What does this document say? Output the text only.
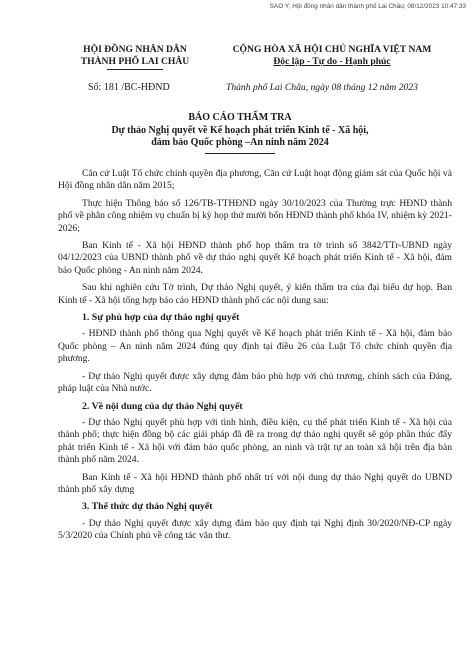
SAO Y; Hội đồng nhân dân thành phố Lai Châu; 08/12/2023 10:47:33
HỘI ĐỒNG NHÂN DÂN
THÀNH PHỐ LAI CHÂU
CỘNG HÒA XÃ HỘI CHỦ NGHĨA VIỆT NAM
Độc lập - Tự do - Hạnh phúc
Số: 181 /BC-HĐND	Thành phố Lai Châu, ngày 08 tháng 12 năm 2023
BÁO CÁO THẨM TRA
Dự thảo Nghị quyết về Kế hoạch phát triển Kinh tế - Xã hội,
đảm bảo Quốc phòng –An ninh năm 2024

Căn cứ Luật Tổ chức chính quyền địa phương, Căn cứ Luật hoạt động giám sát của Quốc hội và Hội đồng nhân dân năm 2015;

Thực hiện Thông báo số 126/TB-TTHĐND ngày 30/10/2023 của Thường trực HĐND thành phố về phân công nhiệm vụ chuẩn bị kỳ họp thứ mười bốn HĐND thành phố khóa IV, nhiệm kỳ 2021-2026;

Ban Kinh tế - Xã hội HĐND thành phố họp thẩm tra tờ trình số 3842/TTr-UBND ngày 04/12/2023 của UBND thành phố về dự thảo nghị quyết Kế hoạch phát triển Kinh tế - Xã hội, đảm bảo Quốc phòng - An ninh năm 2024.

Sau khi nghiên cứu Tờ trình, Dự thảo Nghị quyết, ý kiến thẩm tra của đại biểu dự họp. Ban Kinh tế - Xã hội tổng hợp báo cáo HĐND thành phố các nội dung sau:

1. Sự phù hợp của dự thảo nghị quyết

- HĐND thành phố thông qua Nghị quyết về Kế hoạch phát triển Kinh tế - Xã hội, đảm bảo Quốc phòng – An ninh năm 2024 đúng quy định tại điều 26 của Luật Tổ chức chính quyền địa phương.

- Dự thảo Nghị quyết được xây dựng đảm bảo phù hợp với chủ trương, chính sách của Đảng, pháp luật của Nhà nước.

2. Về nội dung của dự thảo Nghị quyết

- Dự thảo Nghị quyết phù hợp với tình hình, điều kiện, cụ thể phát triển Kinh tế - Xã hội của thành phố; thực hiện đồng bộ các giải pháp đã đề ra trong dự thảo nghị quyết sẽ góp phần thúc đẩy phát triển Kinh tế - Xã hội với đảm bảo quốc phòng, an ninh và trật tự an toàn xã hội trên địa bàn thành phố năm 2024.

Ban Kinh tế - Xã hội HĐND thành phố nhất trí với nội dung dự thảo Nghị quyết do UBND thành phố xây dựng

3. Thể thức dự thảo Nghị quyết

- Dự thảo Nghị quyết được xây dựng đảm bảo quy định tại Nghị định 30/2020/NĐ-CP ngày 5/3/2020 của Chính phủ về công tác văn thư.
